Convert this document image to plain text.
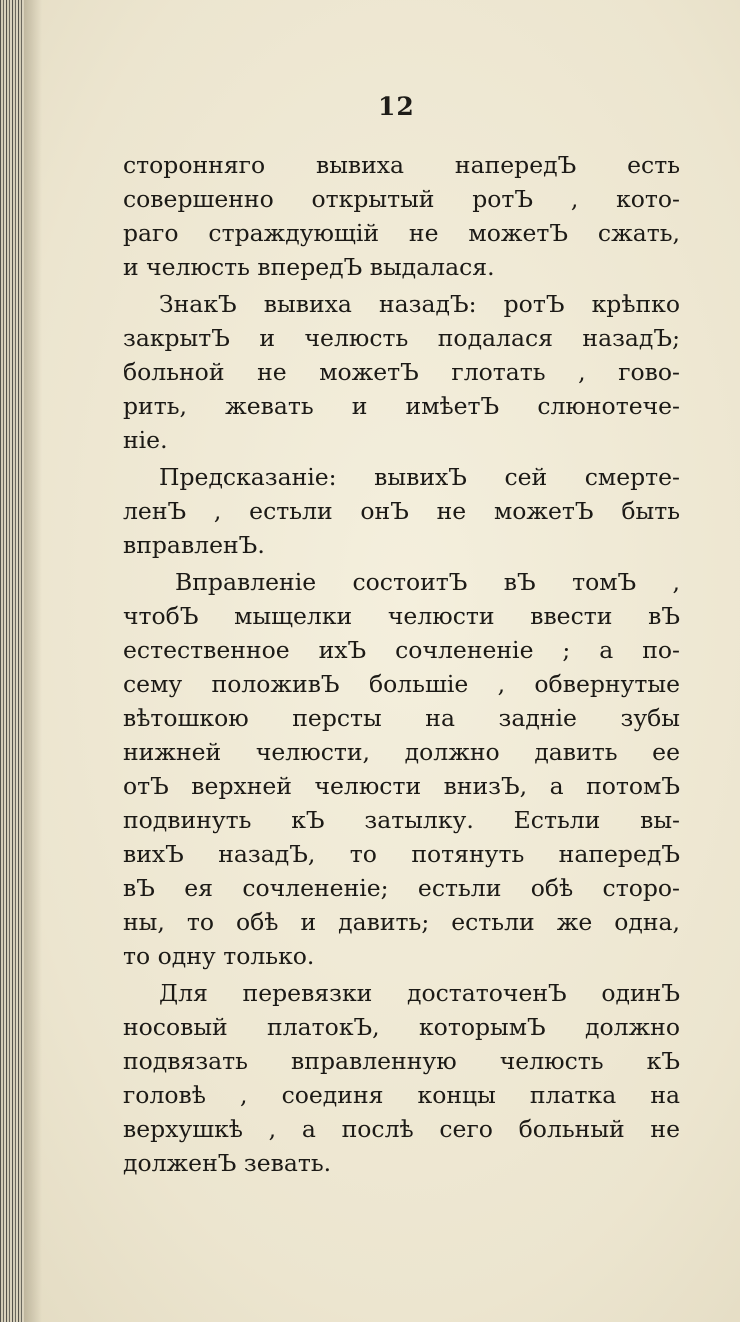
12
стороннягo вывиха напередЪ есть
совершенно открытый ротЪ , кото-
раго страждующій не можетЪ сжать,
и челюсть впередЪ выдалася.
ЗнакЪ вывиха назадЪ: ротЪ крѣпко
закрытЪ и челюсть подалася назадЪ;
больной не можетЪ глотать , гово-
рить, жевать и имѣетЪ слюнотече-
ніе.
Предсказаніе: вывихЪ сей смерте-
ленЪ , естьли онЪ не можетЪ быть
вправленЪ.
Вправленіе состоитЪ вЪ томЪ ,
чтобЪ мыщелки челюсти ввести вЪ
естественное ихЪ сочлененіе ; а по-
сему положивЪ большіе , обвернутые
вѣтошкою персты на задніе зубы
нижней челюсти, должно давить ее
отЪ верхней челюсти внизЪ, а потомЪ
подвинуть кЪ затылку. Естьли вы-
вихЪ назадЪ, то потянуть напередЪ
вЪ ея сочлененіе; естьли обѣ сторо-
ны, то обѣ и давить; естьли же одна,
то одну только.
Для перевязки достаточенЪ одинЪ
носовый платокЪ, которымЪ должно
подвязать вправленную челюсть кЪ
головѣ , соединя концы платка на
верхушкѣ , а послѣ сего больный не
долженЪ зевать.
